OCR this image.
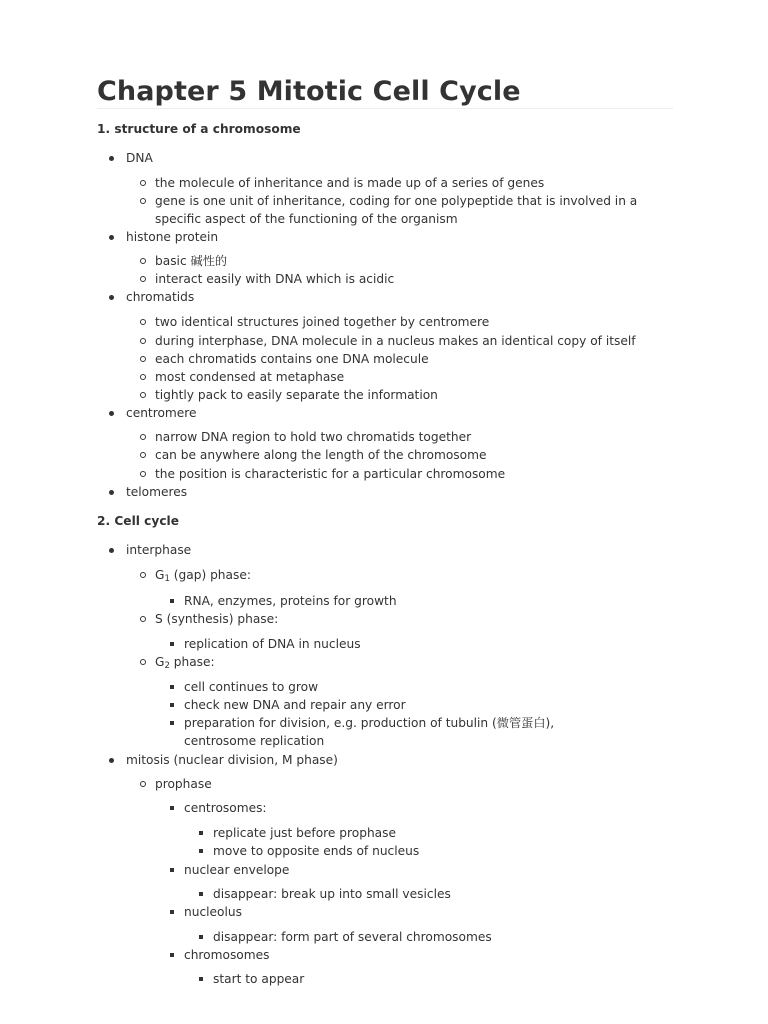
Chapter 5 Mitotic Cell Cycle
1. structure of a chromosome
DNA
the molecule of inheritance and is made up of a series of genes
gene is one unit of inheritance, coding for one polypeptide that is involved in a specific aspect of the functioning of the organism
histone protein
basic 碱性的
interact easily with DNA which is acidic
chromatids
two identical structures joined together by centromere
during interphase, DNA molecule in a nucleus makes an identical copy of itself
each chromatids contains one DNA molecule
most condensed at metaphase
tightly pack to easily separate the information
centromere
narrow DNA region to hold two chromatids together
can be anywhere along the length of the chromosome
the position is characteristic for a particular chromosome
telomeres
2. Cell cycle
interphase
$G_1$ (gap) phase:
RNA, enzymes, proteins for growth
S (synthesis) phase:
replication of DNA in nucleus
$G_2$ phase:
cell continues to grow
check new DNA and repair any error
preparation for division, e.g. production of tubulin (微管蛋白), centrosome replication
mitosis (nuclear division, M phase)
prophase
centrosomes:
replicate just before prophase
move to opposite ends of nucleus
nuclear envelope
disappear: break up into small vesicles
nucleolus
disappear: form part of several chromosomes
chromosomes
start to appear
